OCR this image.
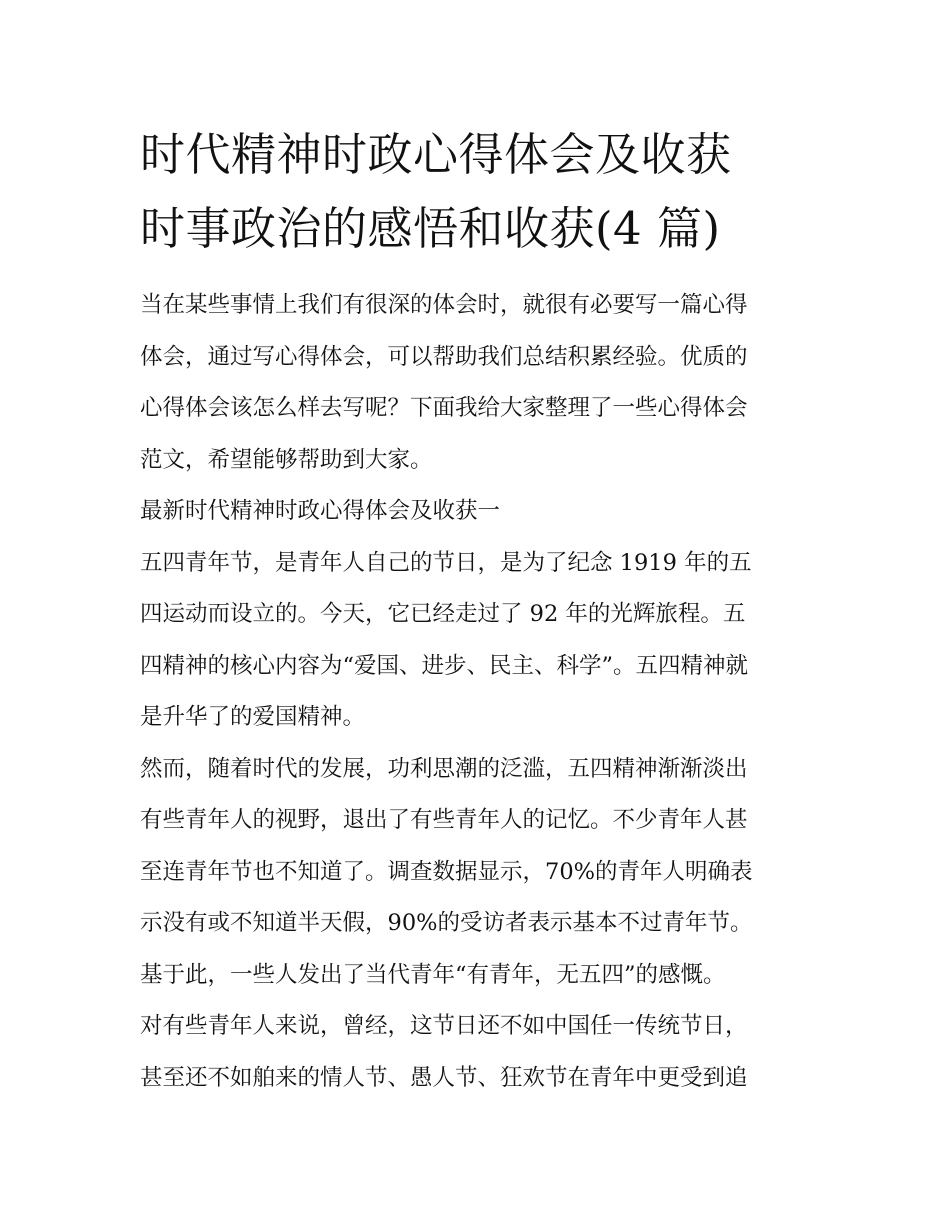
时代精神时政心得体会及收获
时事政治的感悟和收获(4 篇)
当在某些事情上我们有很深的体会时，就很有必要写一篇心得
体会，通过写心得体会，可以帮助我们总结积累经验。优质的
心得体会该怎么样去写呢？下面我给大家整理了一些心得体会
范文，希望能够帮助到大家。
最新时代精神时政心得体会及收获一
五四青年节，是青年人自己的节日，是为了纪念 1919 年的五
四运动而设立的。今天，它已经走过了 92 年的光辉旅程。五
四精神的核心内容为“爱国、进步、民主、科学”。五四精神就
是升华了的爱国精神。
然而，随着时代的发展，功利思潮的泛滥，五四精神渐渐淡出
有些青年人的视野，退出了有些青年人的记忆。不少青年人甚
至连青年节也不知道了。调查数据显示，70%的青年人明确表
示没有或不知道半天假，90%的受访者表示基本不过青年节。
基于此，一些人发出了当代青年“有青年，无五四”的感慨。
对有些青年人来说，曾经，这节日还不如中国任一传统节日，
甚至还不如舶来的情人节、愚人节、狂欢节在青年中更受到追
